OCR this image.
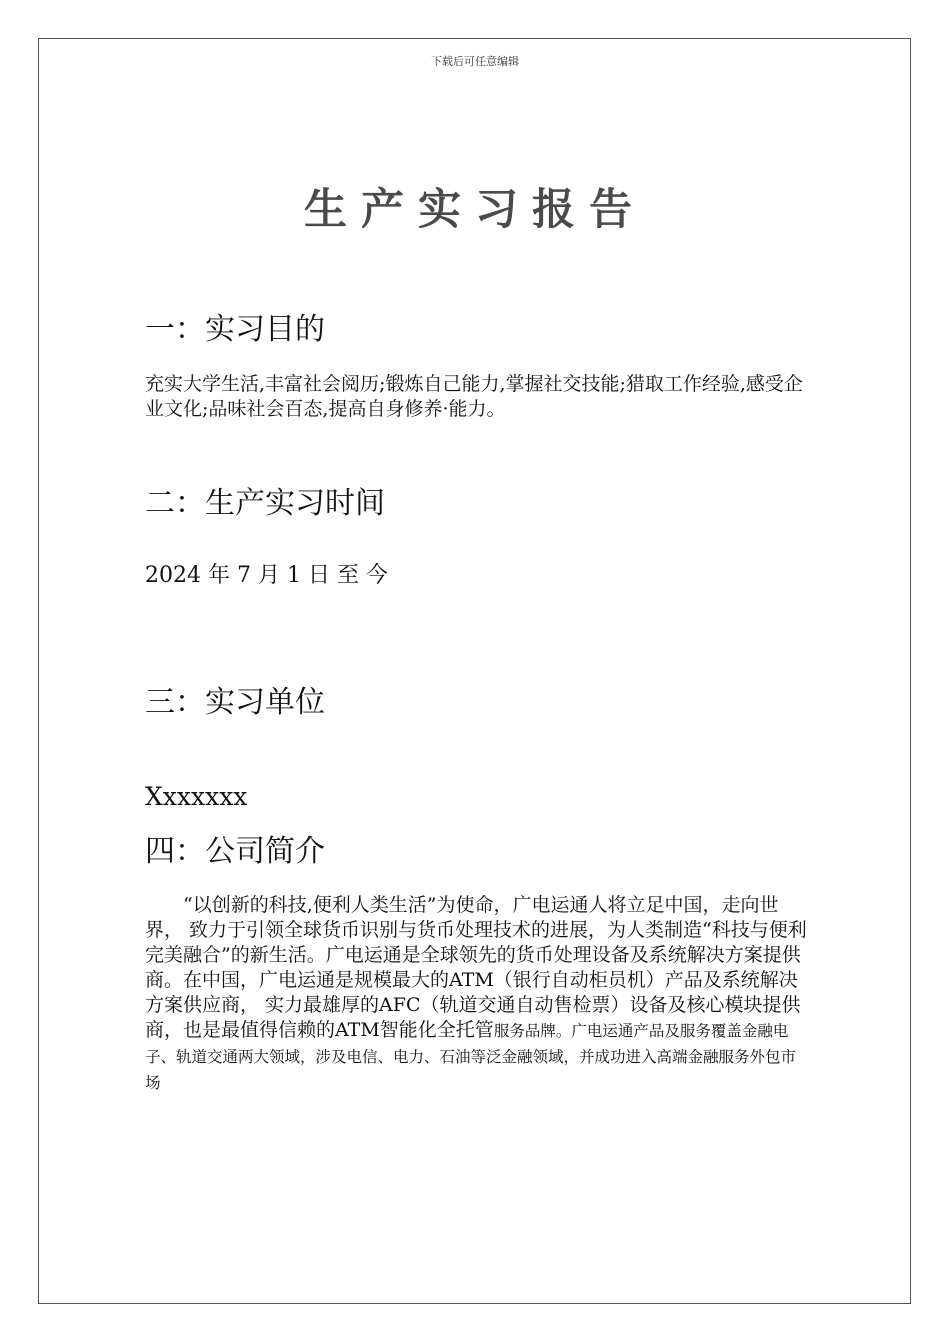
下载后可任意编辑
生产实习报告
一：实习目的
充实大学生活,丰富社会阅历;锻炼自己能力,掌握社交技能;猎取工作经验,感受企业文化;品味社会百态,提高自身修养·能力。
二：生产实习时间
2024 年 7 月 1 日 至 今
三：实习单位
Xxxxxxx
四：公司简介
“以创新的科技,便利人类生活”为使命，广电运通人将立足中国，走向世界， 致力于引领全球货币识别与货币处理技术的进展，为人类制造“科技与便利完美融合”的新生活。广电运通是全球领先的货币处理设备及系统解决方案提供商。在中国，广电运通是规模最大的ATM（银行自动柜员机）产品及系统解决方案供应商， 实力最雄厚的AFC（轨道交通自动售检票）设备及核心模块提供商，也是最值得信赖的ATM智能化全托管服务品牌。广电运通产品及服务覆盖金融电子、轨道交通两大领域，涉及电信、电力、石油等泛金融领域，并成功进入高端金融服务外包市场
